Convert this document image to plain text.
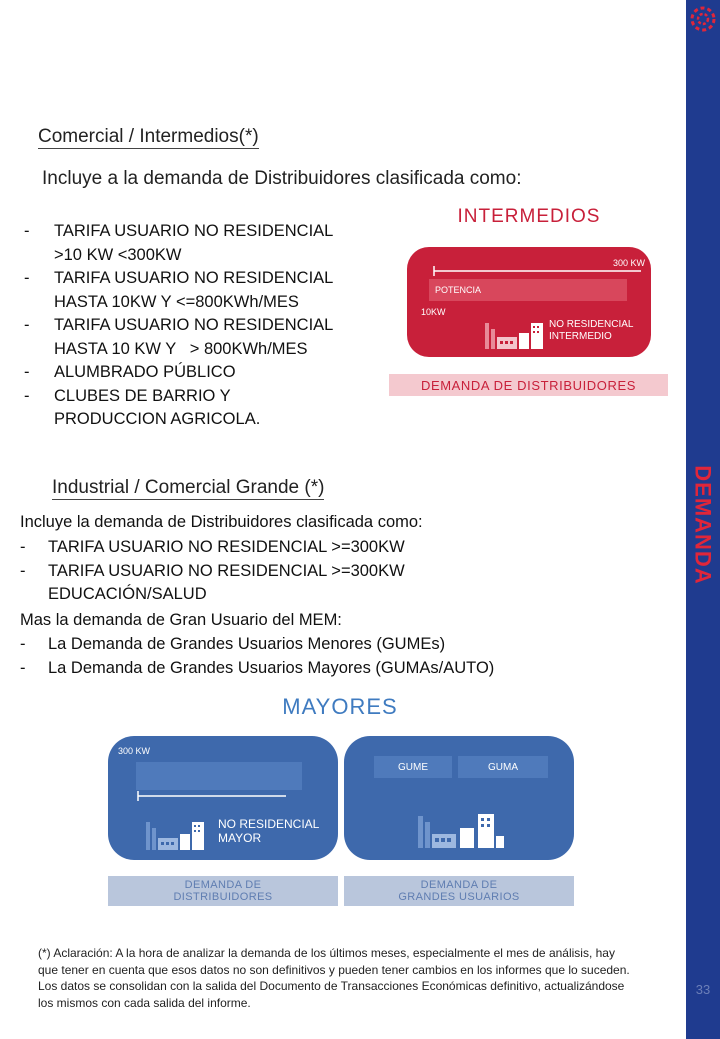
DEMANDA
33
Comercial / Intermedios(*)
Incluye a la demanda de Distribuidores clasificada como:
- TARIFA USUARIO NO RESIDENCIAL
>10 KW <300KW
- TARIFA USUARIO NO RESIDENCIAL
HASTA 10KW Y <=800KWh/MES
- TARIFA USUARIO NO RESIDENCIAL
HASTA 10 KW Y   > 800KWh/MES
- ALUMBRADO PÚBLICO
- CLUBES DE BARRIO Y
PRODUCCION AGRICOLA.
INTERMEDIOS
300 KW
POTENCIA
10KW
NO RESIDENCIAL
INTERMEDIO
DEMANDA DE DISTRIBUIDORES
Industrial / Comercial Grande (*)
Incluye la demanda de Distribuidores clasificada como:
- TARIFA USUARIO NO RESIDENCIAL >=300KW
- TARIFA USUARIO NO RESIDENCIAL >=300KW
EDUCACIÓN/SALUD
Mas la demanda de Gran Usuario del MEM:
- La Demanda de Grandes Usuarios Menores (GUMEs)
- La Demanda de Grandes Usuarios Mayores (GUMAs/AUTO)
MAYORES
300 KW
NO RESIDENCIAL
MAYOR
GUME	GUMA
DEMANDA DE
DISTRIBUIDORES
DEMANDA DE
GRANDES USUARIOS
(*) Aclaración: A la hora de analizar la demanda de los últimos meses, especialmente el mes de análisis, hay que tener en cuenta que esos datos no son definitivos y pueden tener cambios en los informes que lo suceden. Los datos se consolidan con la salida del Documento de Transacciones Económicas definitivo, actualizándose los mismos con cada salida del informe.
